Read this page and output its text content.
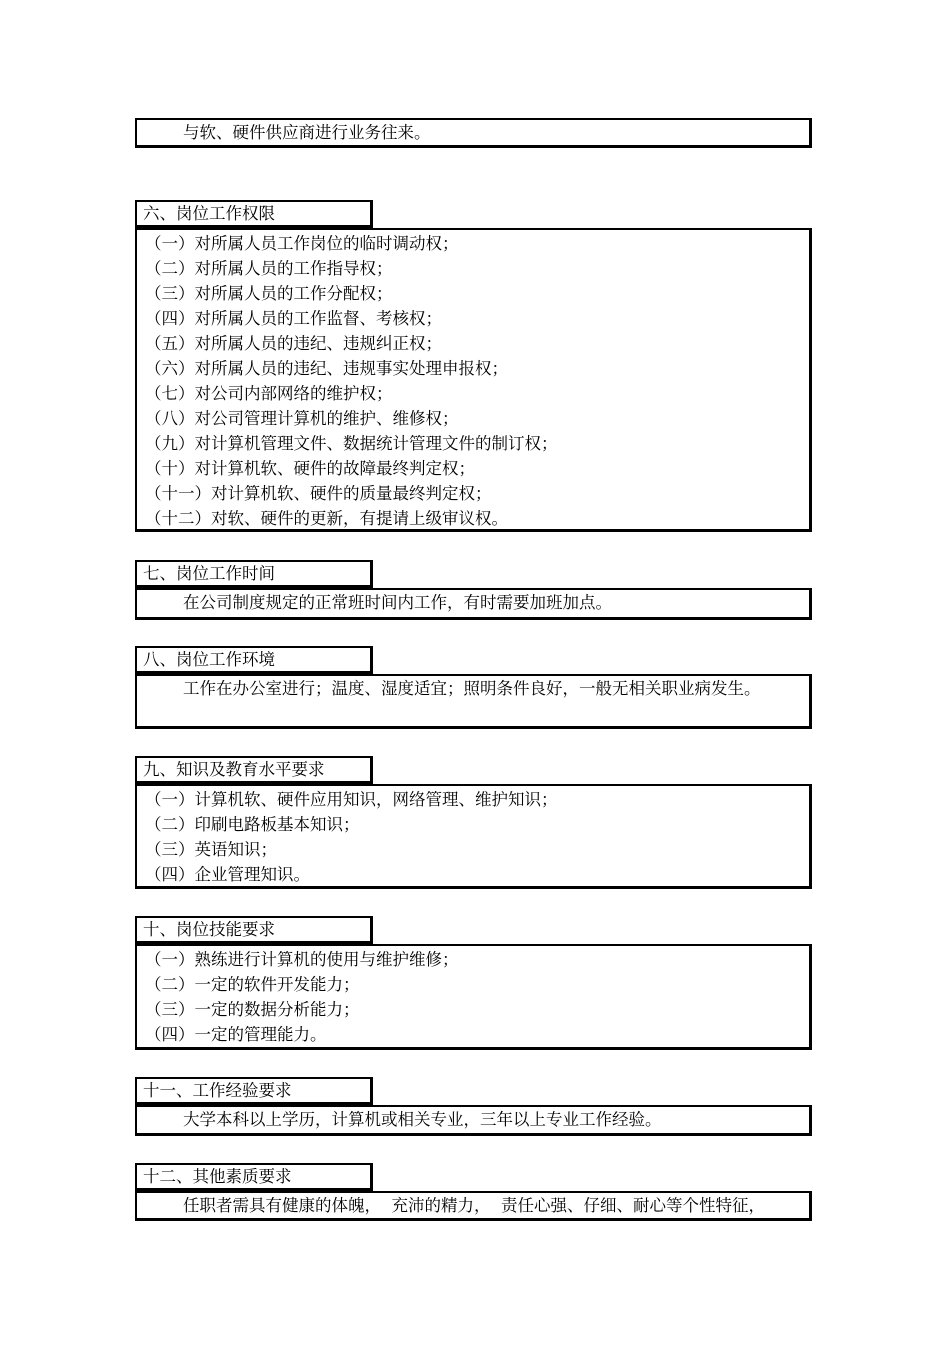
与软、硬件供应商进行业务往来。
六、岗位工作权限
（一）对所属人员工作岗位的临时调动权；
（二）对所属人员的工作指导权；
（三）对所属人员的工作分配权；
（四）对所属人员的工作监督、考核权；
（五）对所属人员的违纪、违规纠正权；
（六）对所属人员的违纪、违规事实处理申报权；
（七）对公司内部网络的维护权；
（八）对公司管理计算机的维护、维修权；
（九）对计算机管理文件、数据统计管理文件的制订权；
（十）对计算机软、硬件的故障最终判定权；
（十一）对计算机软、硬件的质量最终判定权；
（十二）对软、硬件的更新，有提请上级审议权。
七、岗位工作时间
在公司制度规定的正常班时间内工作，有时需要加班加点。
八、岗位工作环境
工作在办公室进行；温度、湿度适宜；照明条件良好，一般无相关职业病发生。
九、知识及教育水平要求
（一）计算机软、硬件应用知识，网络管理、维护知识；
（二）印刷电路板基本知识；
（三）英语知识；
（四）企业管理知识。
十、岗位技能要求
（一）熟练进行计算机的使用与维护维修；
（二）一定的软件开发能力；
（三）一定的数据分析能力；
（四）一定的管理能力。
十一、工作经验要求
大学本科以上学历，计算机或相关专业，三年以上专业工作经验。
十二、其他素质要求
任职者需具有健康的体魄，  充沛的精力，  责任心强、仔细、耐心等个性特征，
